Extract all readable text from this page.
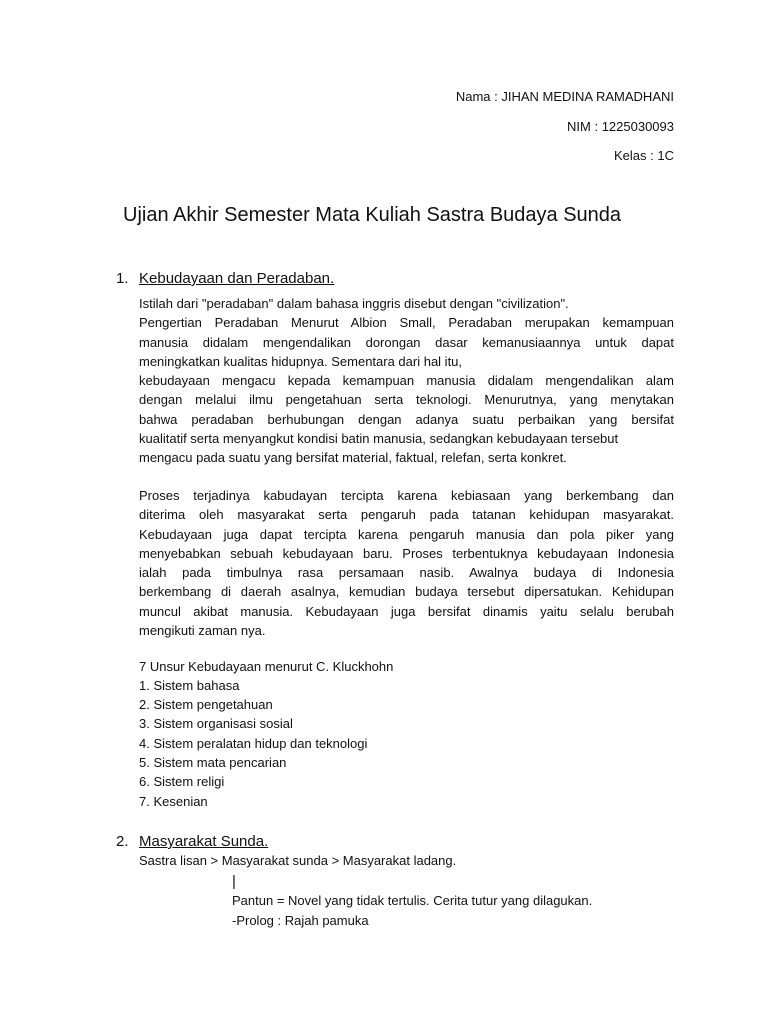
Nama : JIHAN MEDINA RAMADHANI
NIM : 1225030093
Kelas : 1C
Ujian Akhir Semester Mata Kuliah Sastra Budaya Sunda
1. Kebudayaan dan Peradaban.
Istilah dari "peradaban" dalam bahasa inggris disebut dengan "civilization".
Pengertian Peradaban Menurut Albion Small, Peradaban merupakan kemampuan
manusia didalam mengendalikan dorongan dasar kemanusiaannya untuk dapat
meningkatkan kualitas hidupnya. Sementara dari hal itu,
kebudayaan mengacu kepada kemampuan manusia didalam mengendalikan alam
dengan melalui ilmu pengetahuan serta teknologi. Menurutnya, yang menytakan
bahwa peradaban berhubungan dengan adanya suatu perbaikan yang bersifat
kualitatif serta menyangkut kondisi batin manusia, sedangkan kebudayaan tersebut
mengacu pada suatu yang bersifat material, faktual, relefan, serta konkret.
Proses terjadinya kabudayan tercipta karena kebiasaan yang berkembang dan
diterima oleh masyarakat serta pengaruh pada tatanan kehidupan masyarakat.
Kebudayaan juga dapat tercipta karena pengaruh manusia dan pola piker yang
menyebabkan sebuah kebudayaan baru. Proses terbentuknya kebudayaan Indonesia
ialah pada timbulnya rasa persamaan nasib. Awalnya budaya di Indonesia
berkembang di daerah asalnya, kemudian budaya tersebut dipersatukan. Kehidupan
muncul akibat manusia. Kebudayaan juga bersifat dinamis yaitu selalu berubah
mengikuti zaman nya.
7 Unsur Kebudayaan menurut C. Kluckhohn
1. Sistem bahasa
2. Sistem pengetahuan
3. Sistem organisasi sosial
4. Sistem peralatan hidup dan teknologi
5. Sistem mata pencarian
6. Sistem religi
7. Kesenian
2. Masyarakat Sunda.
Sastra lisan > Masyarakat sunda > Masyarakat ladang.
|
Pantun = Novel yang tidak tertulis. Cerita tutur yang dilagukan.
-Prolog : Rajah pamuka
